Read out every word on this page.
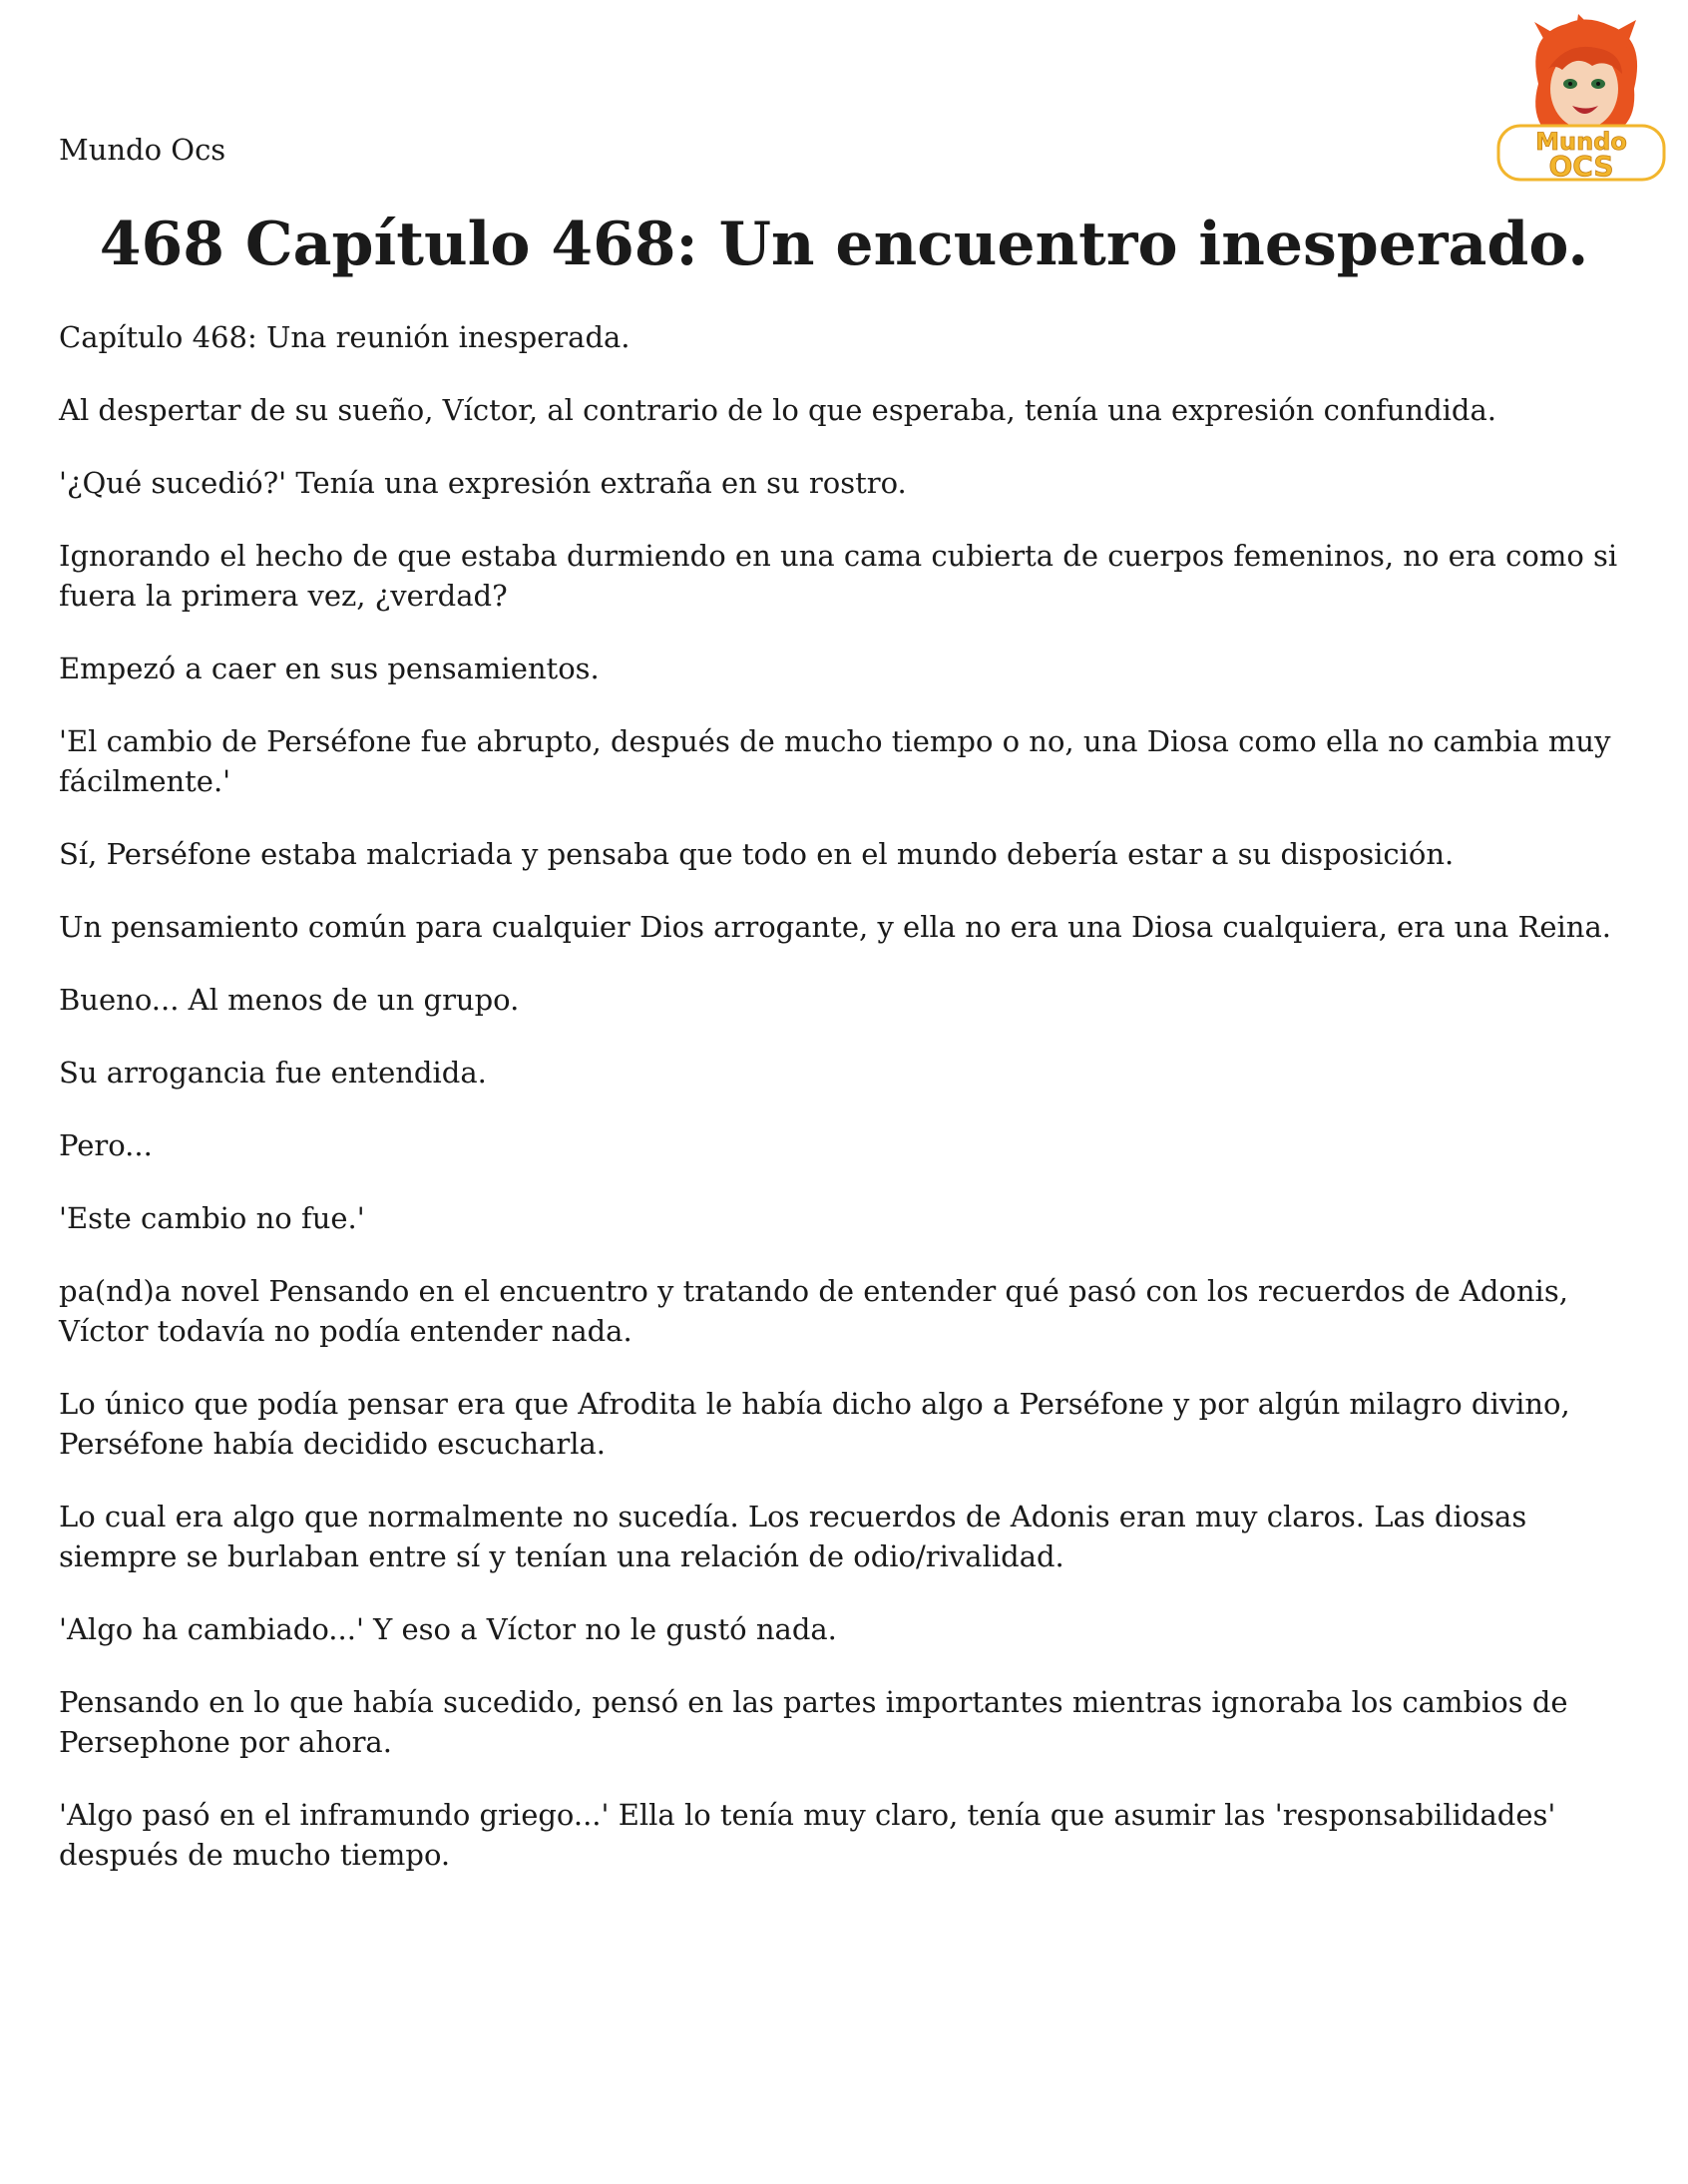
Mundo Ocs	Mundo
OCS
468 Capítulo 468: Un encuentro inesperado.

Capítulo 468: Una reunión inesperada.

Al despertar de su sueño, Víctor, al contrario de lo que esperaba, tenía una expresión confundida.

'¿Qué sucedió?' Tenía una expresión extraña en su rostro.

Ignorando el hecho de que estaba durmiendo en una cama cubierta de cuerpos femeninos, no era como si fuera la primera vez, ¿verdad?

Empezó a caer en sus pensamientos.

'El cambio de Perséfone fue abrupto, después de mucho tiempo o no, una Diosa como ella no cambia muy fácilmente.'

Sí, Perséfone estaba malcriada y pensaba que todo en el mundo debería estar a su disposición.

Un pensamiento común para cualquier Dios arrogante, y ella no era una Diosa cualquiera, era una Reina.

Bueno... Al menos de un grupo.

Su arrogancia fue entendida.

Pero...

'Este cambio no fue.'

pa(nd)a novel Pensando en el encuentro y tratando de entender qué pasó con los recuerdos de Adonis, Víctor todavía no podía entender nada.

Lo único que podía pensar era que Afrodita le había dicho algo a Perséfone y por algún milagro divino, Perséfone había decidido escucharla.

Lo cual era algo que normalmente no sucedía. Los recuerdos de Adonis eran muy claros. Las diosas siempre se burlaban entre sí y tenían una relación de odio/rivalidad.

'Algo ha cambiado...' Y eso a Víctor no le gustó nada.

Pensando en lo que había sucedido, pensó en las partes importantes mientras ignoraba los cambios de Persephone por ahora.

'Algo pasó en el inframundo griego...' Ella lo tenía muy claro, tenía que asumir las 'responsabilidades' después de mucho tiempo.
